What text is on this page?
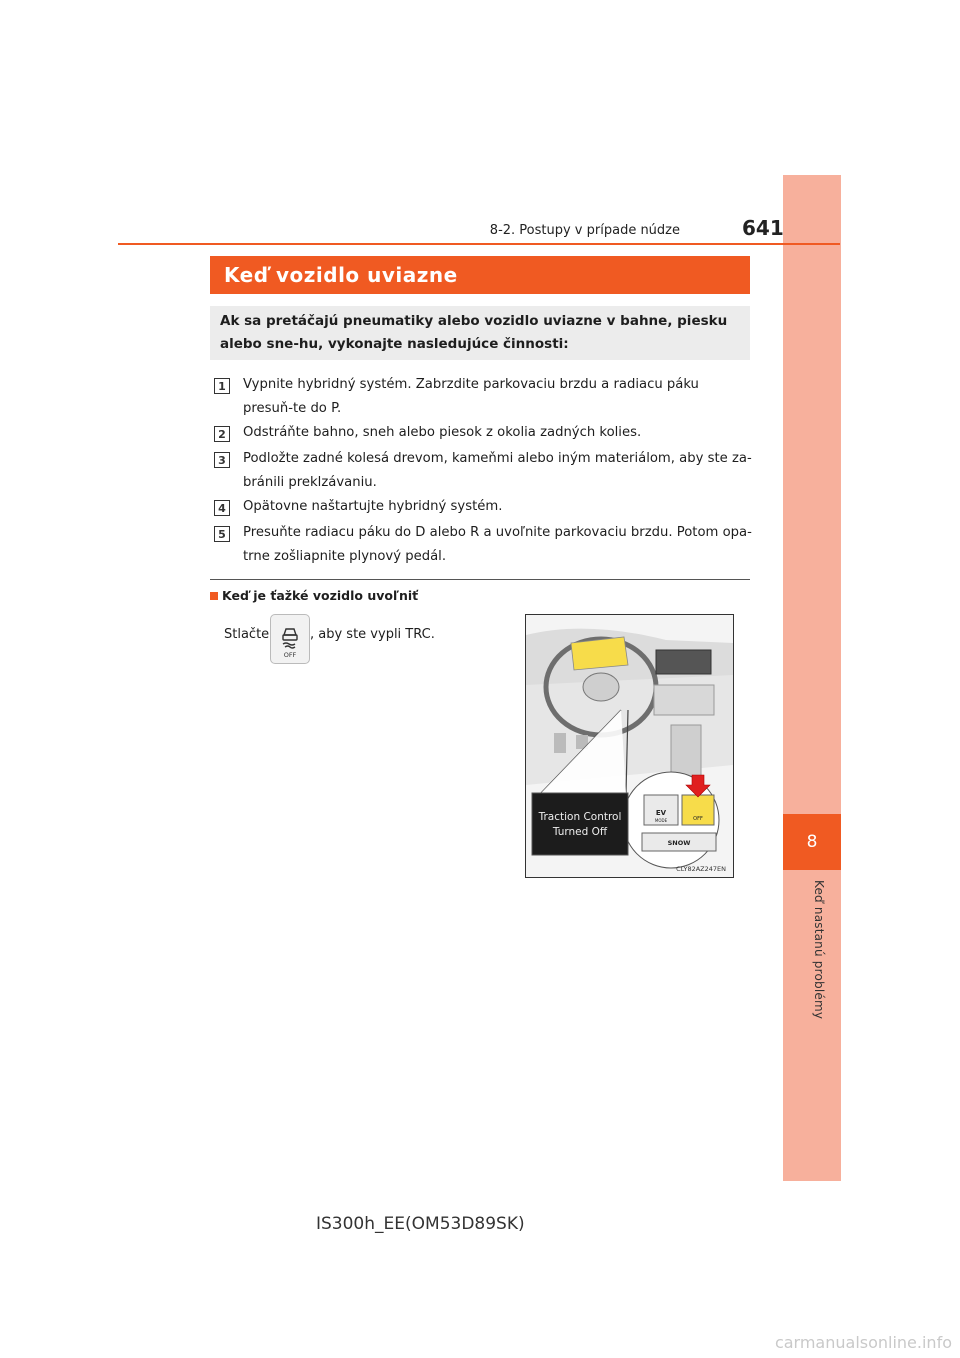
8
Keď nastanú problémy
8-2. Postupy v prípade núdze	641
Keď vozidlo uviazne
Ak sa pretáčajú pneumatiky alebo vozidlo uviazne v bahne, piesku alebo sne-hu, vykonajte nasledujúce činnosti:
1	Vypnite hybridný systém. Zabrzdite parkovaciu brzdu a radiacu páku presuň-te do P.
2	Odstráňte bahno, sneh alebo piesok z okolia zadných kolies.
3	Podložte zadné kolesá drevom, kameňmi alebo iným materiálom, aby ste za-bránili preklzávaniu.
4	Opätovne naštartujte hybridný systém.
5	Presuňte radiacu páku do D alebo R a uvoľnite parkovaciu brzdu. Potom opa-trne zošliapnite plynový pedál.
Keď je ťažké vozidlo uvoľniť
Stlačte
OFF
, aby ste vypli TRC.
EV
MODE	OFF
SNOW
Traction Control
Turned Off
CLY82AZ247EN
IS300h_EE(OM53D89SK)
carmanualsonline.info
